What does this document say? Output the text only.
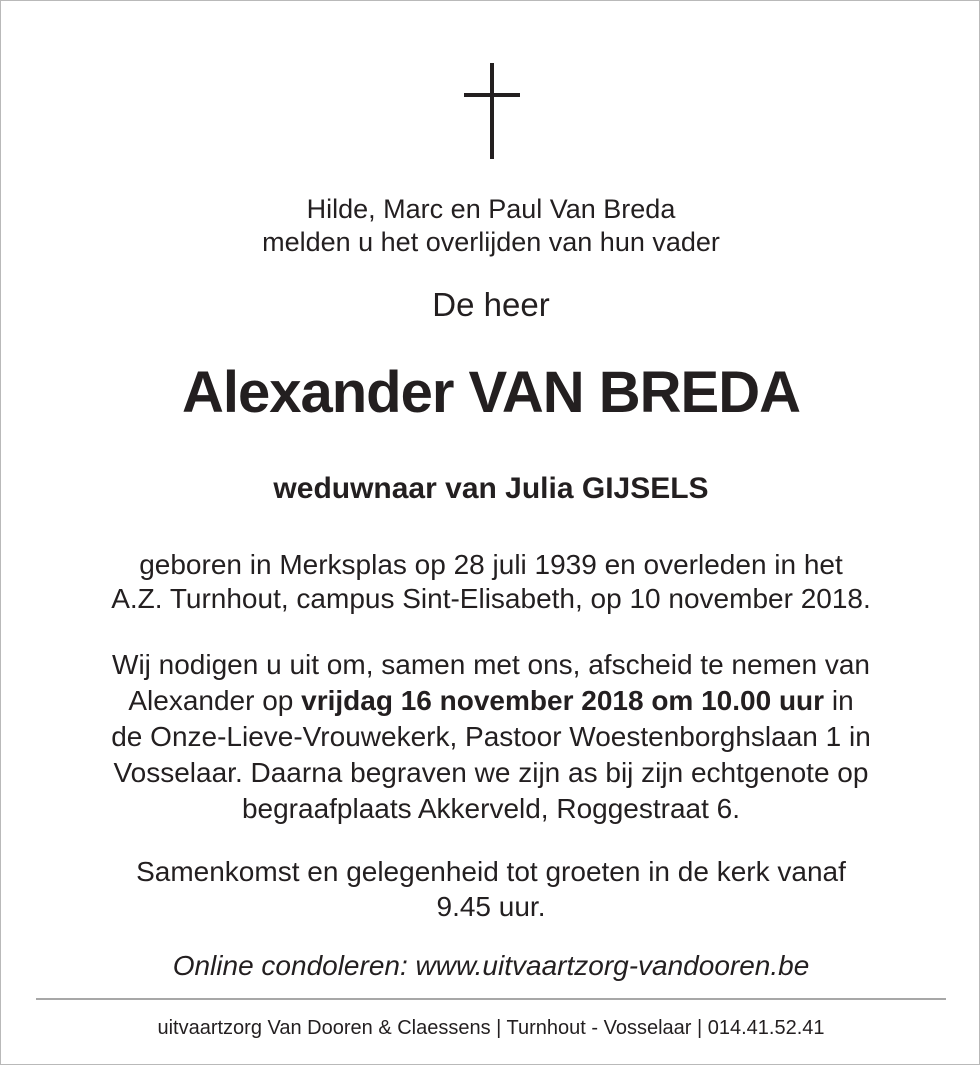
Hilde, Marc en Paul Van Breda
melden u het overlijden van hun vader
De heer
Alexander VAN BREDA
weduwnaar van Julia GIJSELS
geboren in Merksplas op 28 juli 1939 en overleden in het
A.Z. Turnhout, campus Sint-Elisabeth, op 10 november 2018.
Wij nodigen u uit om, samen met ons, afscheid te nemen van
Alexander op vrijdag 16 november 2018 om 10.00 uur in
de Onze-Lieve-Vrouwekerk, Pastoor Woestenborghslaan 1 in
Vosselaar. Daarna begraven we zijn as bij zijn echtgenote op
begraafplaats Akkerveld, Roggestraat 6.
Samenkomst en gelegenheid tot groeten in de kerk vanaf
9.45 uur.
Online condoleren: www.uitvaartzorg-vandooren.be
uitvaartzorg Van Dooren & Claessens | Turnhout - Vosselaar | 014.41.52.41
